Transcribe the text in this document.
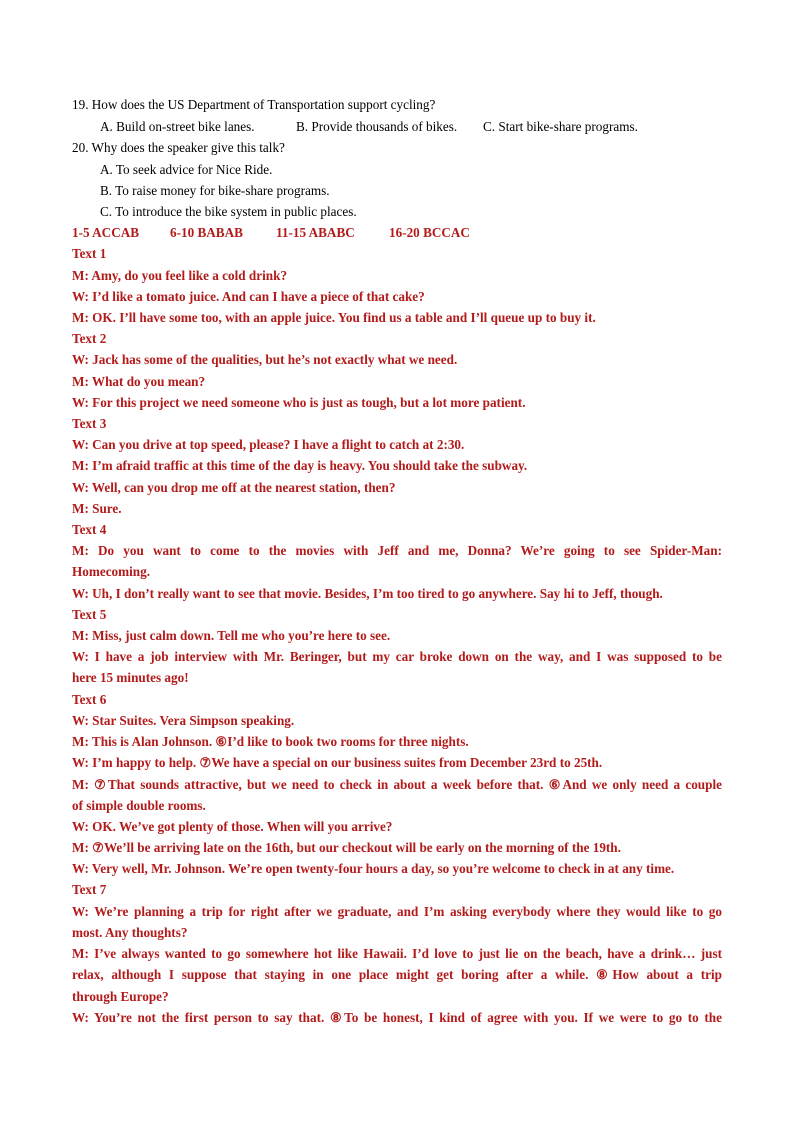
19. How does the US Department of Transportation support cycling?
A. Build on-street bike lanes.	B. Provide thousands of bikes.	C. Start bike-share programs.
20. Why does the speaker give this talk?
A. To seek advice for Nice Ride.
B. To raise money for bike-share programs.
C. To introduce the bike system in public places.
1-5 ACCAB	6-10 BABAB	11-15 ABABC	16-20 BCCAC
Text 1
M: Amy, do you feel like a cold drink?
W: I’d like a tomato juice. And can I have a piece of that cake?
M: OK. I’ll have some too, with an apple juice. You find us a table and I’ll queue up to buy it.
Text 2
W: Jack has some of the qualities, but he’s not exactly what we need.
M: What do you mean?
W: For this project we need someone who is just as tough, but a lot more patient.
Text 3
W: Can you drive at top speed, please? I have a flight to catch at 2:30.
M: I’m afraid traffic at this time of the day is heavy. You should take the subway.
W: Well, can you drop me off at the nearest station, then?
M: Sure.
Text 4
M: Do you want to come to the movies with Jeff and me, Donna? We’re going to see Spider-Man:
Homecoming.
W: Uh, I don’t really want to see that movie. Besides, I’m too tired to go anywhere. Say hi to Jeff, though.
Text 5
M: Miss, just calm down. Tell me who you’re here to see.
W: I have a job interview with Mr. Beringer, but my car broke down on the way, and I was supposed to be
here 15 minutes ago!
Text 6
W: Star Suites. Vera Simpson speaking.
M: This is Alan Johnson. ⑥I’d like to book two rooms for three nights.
W: I’m happy to help. ⑦We have a special on our business suites from December 23rd to 25th.
M: ⑦That sounds attractive, but we need to check in about a week before that. ⑥And we only need a couple
of simple double rooms.
W: OK. We’ve got plenty of those. When will you arrive?
M: ⑦We’ll be arriving late on the 16th, but our checkout will be early on the morning of the 19th.
W: Very well, Mr. Johnson. We’re open twenty-four hours a day, so you’re welcome to check in at any time.
Text 7
W: We’re planning a trip for right after we graduate, and I’m asking everybody where they would like to go
most. Any thoughts?
M: I’ve always wanted to go somewhere hot like Hawaii. I’d love to just lie on the beach, have a drink… just
relax, although I suppose that staying in one place might get boring after a while. ⑧How about a trip
through Europe?
W: You’re not the first person to say that. ⑧To be honest, I kind of agree with you. If we were to go to the
